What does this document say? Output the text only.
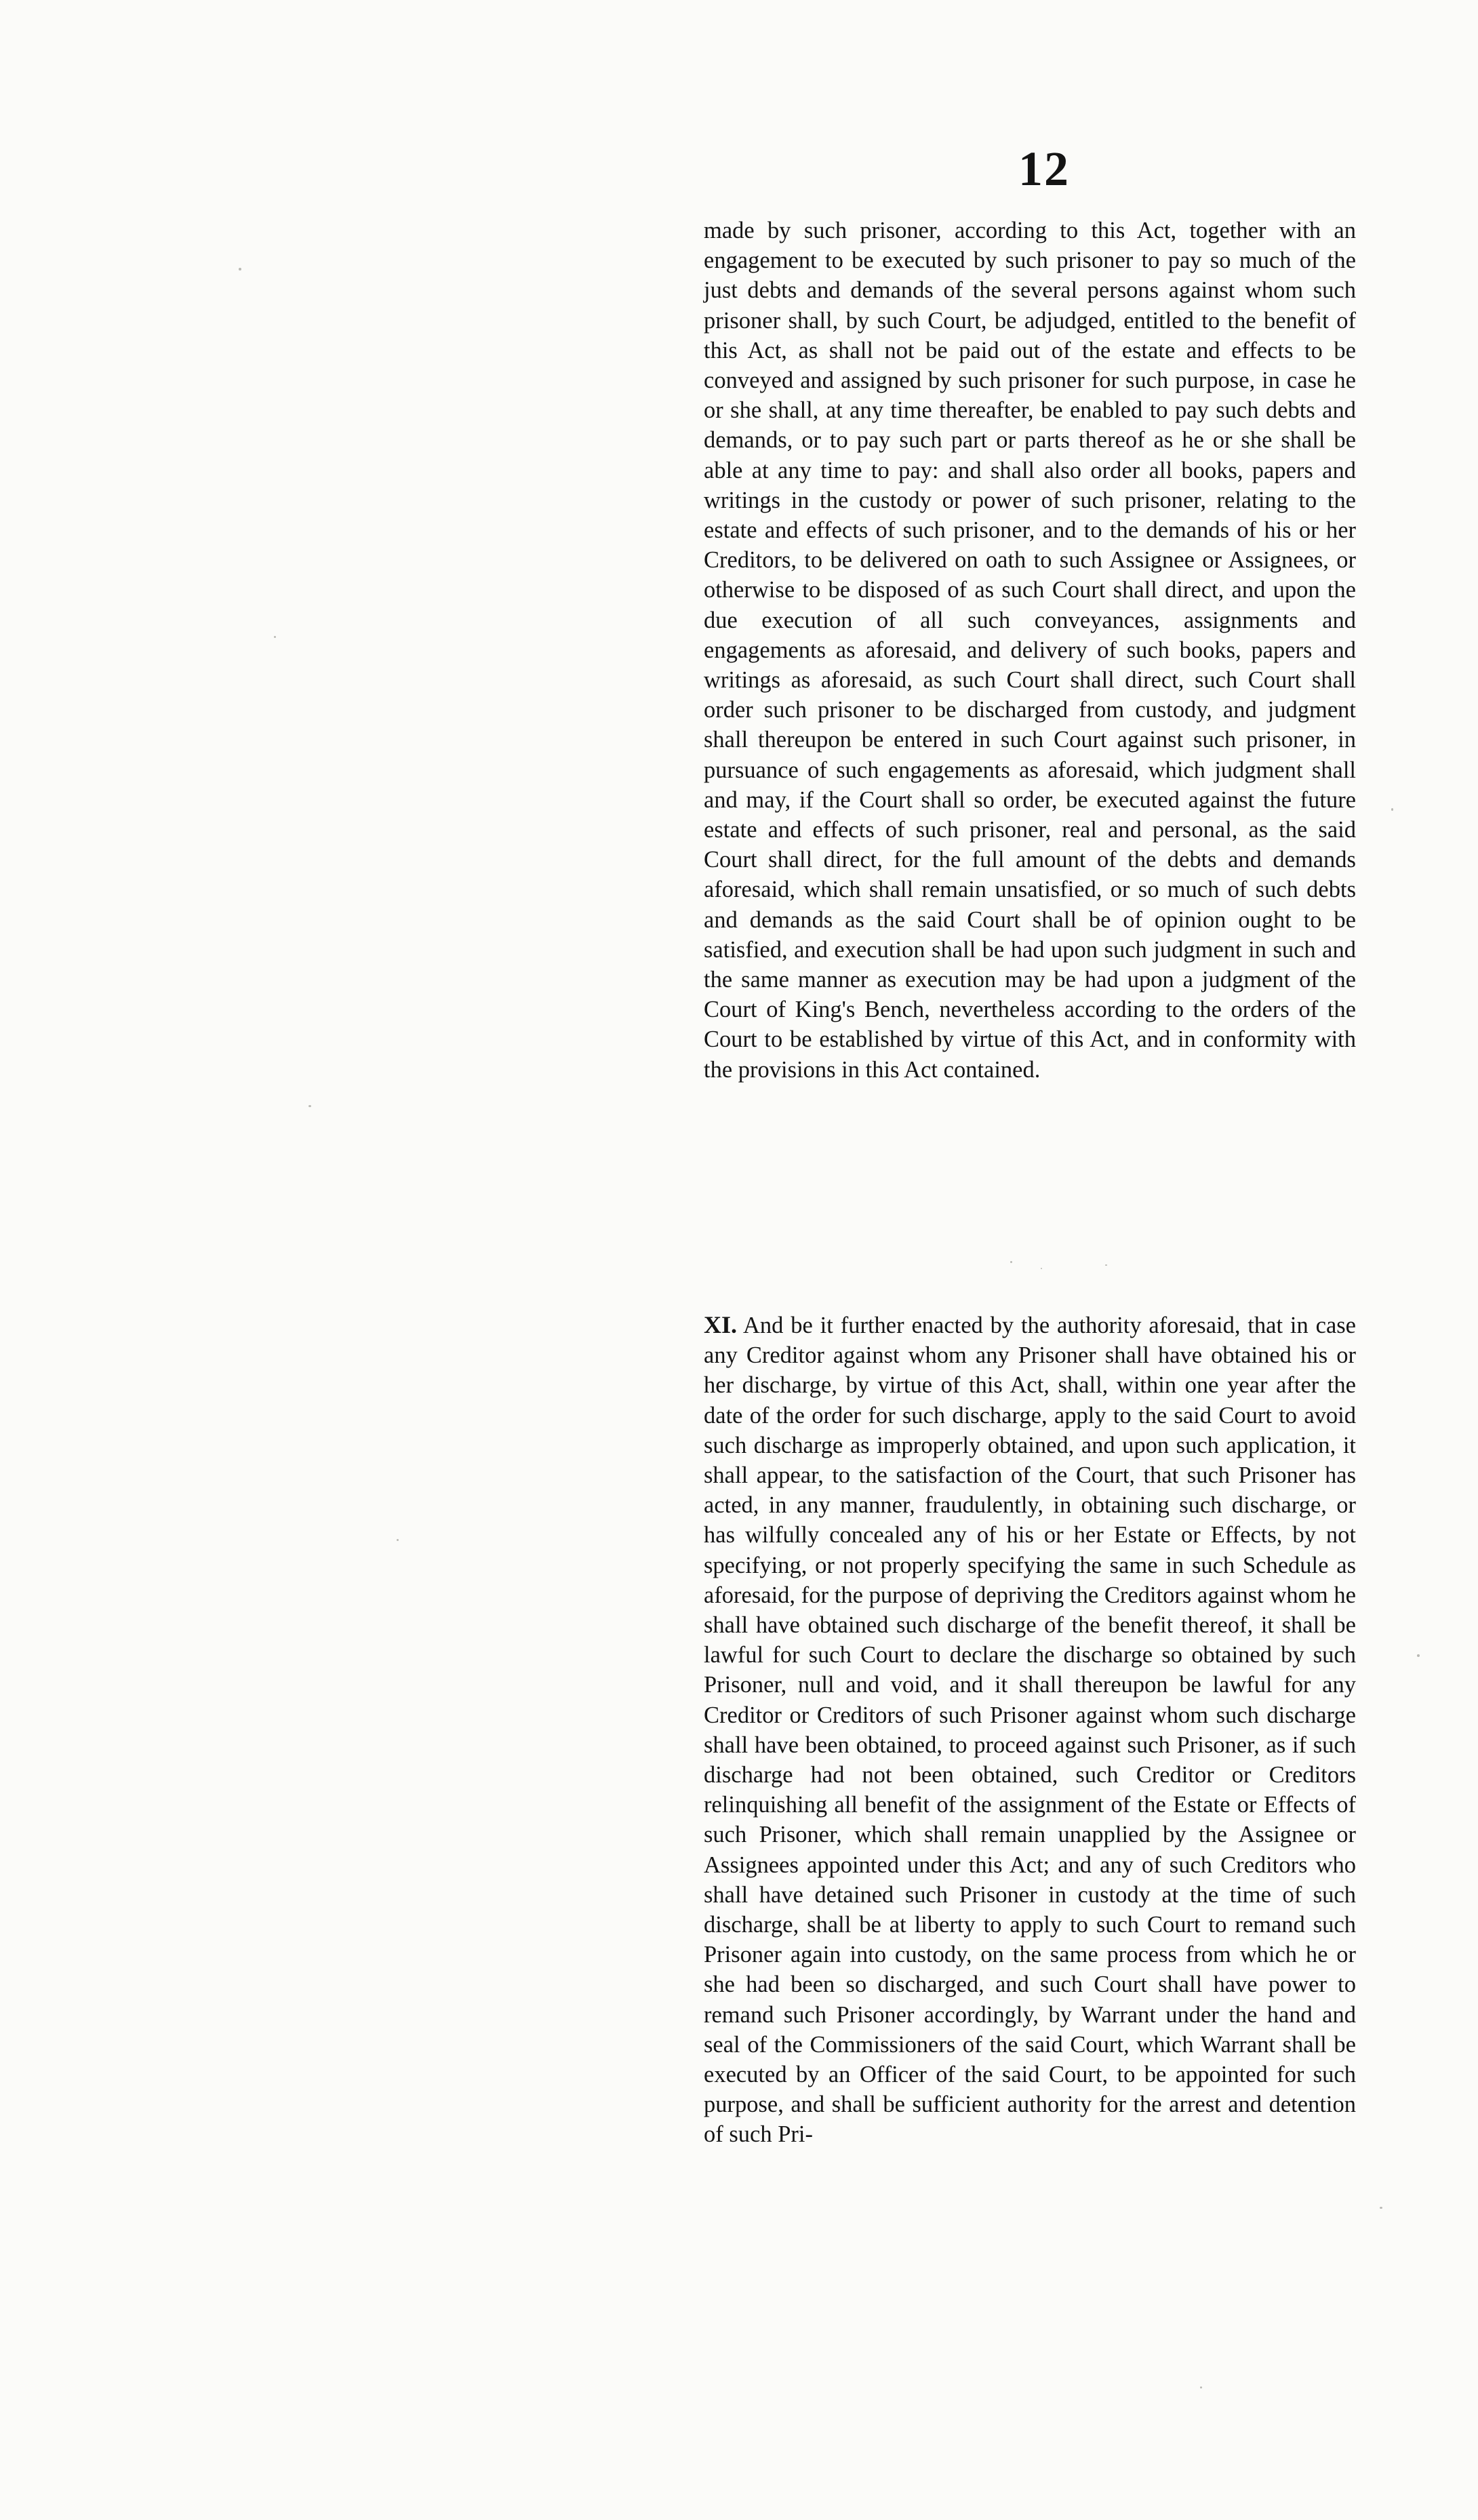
12

made by such prisoner, according to this Act, together with an engagement to be executed by such prisoner to pay so much of the just debts and demands of the several persons against whom such prisoner shall, by such Court, be adjudged, entitled to the benefit of this Act, as shall not be paid out of the estate and effects to be conveyed and assigned by such prisoner for such purpose, in case he or she shall, at any time thereafter, be enabled to pay such debts and demands, or to pay such part or parts thereof as he or she shall be able at any time to pay: and shall also order all books, papers and writings in the custody or power of such prisoner, relating to the estate and effects of such prisoner, and to the demands of his or her Creditors, to be delivered on oath to such Assignee or Assignees, or otherwise to be disposed of as such Court shall direct, and upon the due execution of all such conveyances, assignments and engagements as aforesaid, and delivery of such books, papers and writings as aforesaid, as such Court shall direct, such Court shall order such prisoner to be discharged from custody, and judgment shall thereupon be entered in such Court against such prisoner, in pursuance of such engagements as aforesaid, which judgment shall and may, if the Court shall so order, be executed against the future estate and effects of such prisoner, real and personal, as the said Court shall direct, for the full amount of the debts and demands aforesaid, which shall remain unsatisfied, or so much of such debts and demands as the said Court shall be of opinion ought to be satisfied, and execution shall be had upon such judgment in such and the same manner as execution may be had upon a judgment of the Court of King's Bench, nevertheless according to the orders of the Court to be established by virtue of this Act, and in conformity with the provisions in this Act contained.

XI. And be it further enacted by the authority aforesaid, that in case any Creditor against whom any Prisoner shall have obtained his or her discharge, by virtue of this Act, shall, within one year after the date of the order for such discharge, apply to the said Court to avoid such discharge as improperly obtained, and upon such application, it shall appear, to the satisfaction of the Court, that such Prisoner has acted, in any manner, fraudulently, in obtaining such discharge, or has wilfully concealed any of his or her Estate or Effects, by not specifying, or not properly specifying the same in such Schedule as aforesaid, for the purpose of depriving the Creditors against whom he shall have obtained such discharge of the benefit thereof, it shall be lawful for such Court to declare the discharge so obtained by such Prisoner, null and void, and it shall thereupon be lawful for any Creditor or Creditors of such Prisoner against whom such discharge shall have been obtained, to proceed against such Prisoner, as if such discharge had not been obtained, such Creditor or Creditors relinquishing all benefit of the assignment of the Estate or Effects of such Prisoner, which shall remain unapplied by the Assignee or Assignees appointed under this Act; and any of such Creditors who shall have detained such Prisoner in custody at the time of such discharge, shall be at liberty to apply to such Court to remand such Prisoner again into custody, on the same process from which he or she had been so discharged, and such Court shall have power to remand such Prisoner accordingly, by Warrant under the hand and seal of the Commissioners of the said Court, which Warrant shall be executed by an Officer of the said Court, to be appointed for such purpose, and shall be sufficient authority for the arrest and detention of such Pri-
